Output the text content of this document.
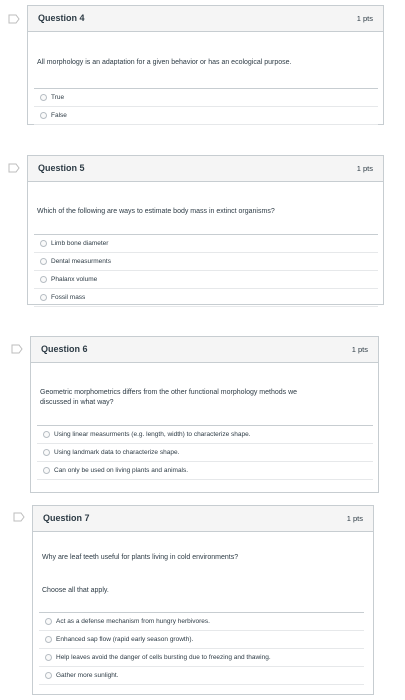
Question 4	1 pts
All morphology is an adaptation for a given behavior or has an ecological purpose.
True
False
Question 5	1 pts
Which of the following are ways to estimate body mass in extinct organisms?
Limb bone diameter
Dental measurments
Phalanx volume
Fossil mass
Question 6	1 pts
Geometric morphometrics differs from the other functional morphology methods we
discussed in what way?
Using linear measurments (e.g. length, width) to characterize shape.
Using landmark data to characterize shape.
Can only be used on living plants and animals.
Question 7	1 pts
Why are leaf teeth useful for plants living in cold environments?
Choose all that apply.
Act as a defense mechanism from hungry herbivores.
Enhanced sap flow (rapid early season growth).
Help leaves avoid the danger of cells bursting due to freezing and thawing.
Gather more sunlight.
